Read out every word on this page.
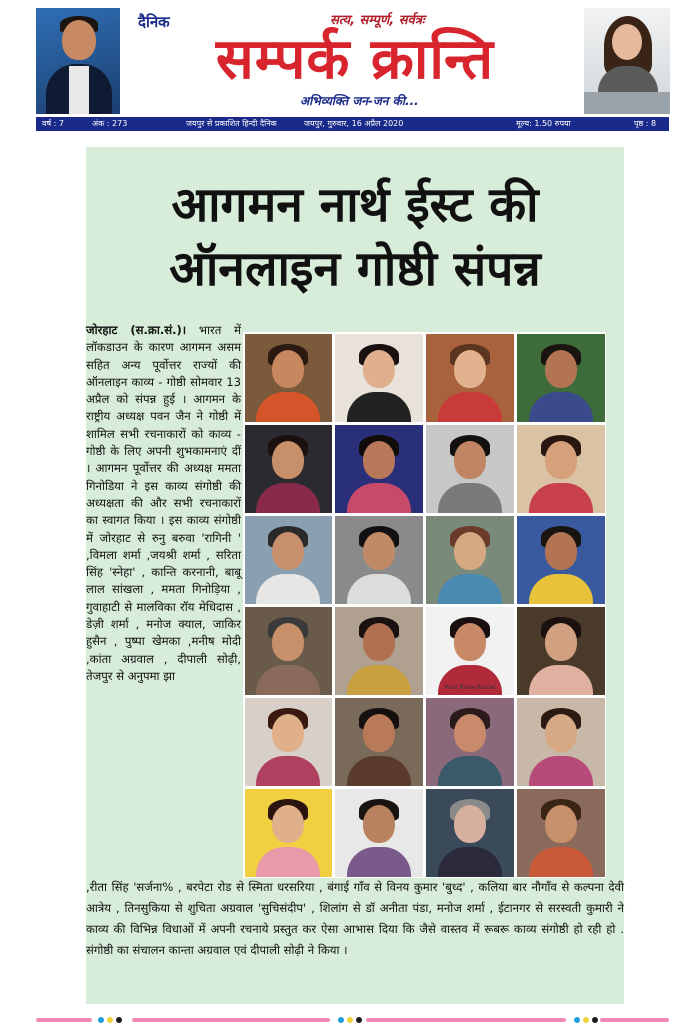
दैनिक	सत्य, सम्पूर्ण, सर्वत्रः
सम्पर्क क्रान्ति
अभिव्यक्ति जन-जन की...
वर्ष : 7	अंक : 273	जयपुर से प्रकाशित हिन्दी दैनिक	जयपुर, गुरुवार, 16 अप्रैल 2020	मूल्य: 1.50 रुपया	पृष्ठ : 8
आगमन नार्थ ईस्ट की
ऑनलाइन गोष्ठी संपन्न
जोरहाट (स.क्रा.सं.)। भारत में लॉकडाउन के कारण आगमन असम सहित अन्य पूर्वोत्तर राज्यों की ऑनलाइन काव्य - गोष्ठी सोमवार 13 अप्रैल को संपन्न हुई । आगमन के राष्ट्रीय अध्यक्ष पवन जैन ने गोष्ठी में शामिल सभी रचनाकारों को काव्य - गोष्ठी के लिए अपनी शुभकामनाएं दीं । आगमन पूर्वोत्तर की अध्यक्ष ममता गिनोडिया ने इस काव्य संगोष्ठी की अध्यक्षता की और सभी रचनाकारों का स्वागत किया । इस काव्य संगोष्ठी में जोरहाट से रुनु बरुवा 'रागिनी ' ,विमला शर्मा ,जयश्री शर्मा , सरिता सिंह 'स्नेहा' , कान्ति करनानी, बाबू लाल सांखला , ममता गिनोड़िया , गुवाहाटी से मालविका रॉय मेधिदास , डेज़ी शर्मा , मनोज क्याल, जाकिर हुसैन , पुष्पा खेमका ,मनीष मोदी ,कांता अग्रवाल , दीपाली सोढ़ी, तेजपुर से अनुपमा झा
Rani Rana Ranial
,रीता सिंह 'सर्जना% , बरपेटा रोड से स्मिता धरसरिया , बंगाई गाँव से विनय कुमार 'बुध्द' , कलिया बार नौगाँव से कल्पना देवी आत्रेय , तिनसुकिया से शुचिता अग्रवाल 'सुचिसंदीप' , शिलांग से डॉ अनीता पंडा, मनोज शर्मा , ईटानगर से सरस्वती कुमारी ने काव्य की विभिन्न विधाओं में अपनी रचनाये प्रस्तुत कर ऐसा आभास दिया कि जैसे वास्तव में रूबरू काव्य संगोष्ठी हो रही हो . संगोष्ठी का संचालन कान्ता अग्रवाल एवं दीपाली सोढ़ी ने किया ।
